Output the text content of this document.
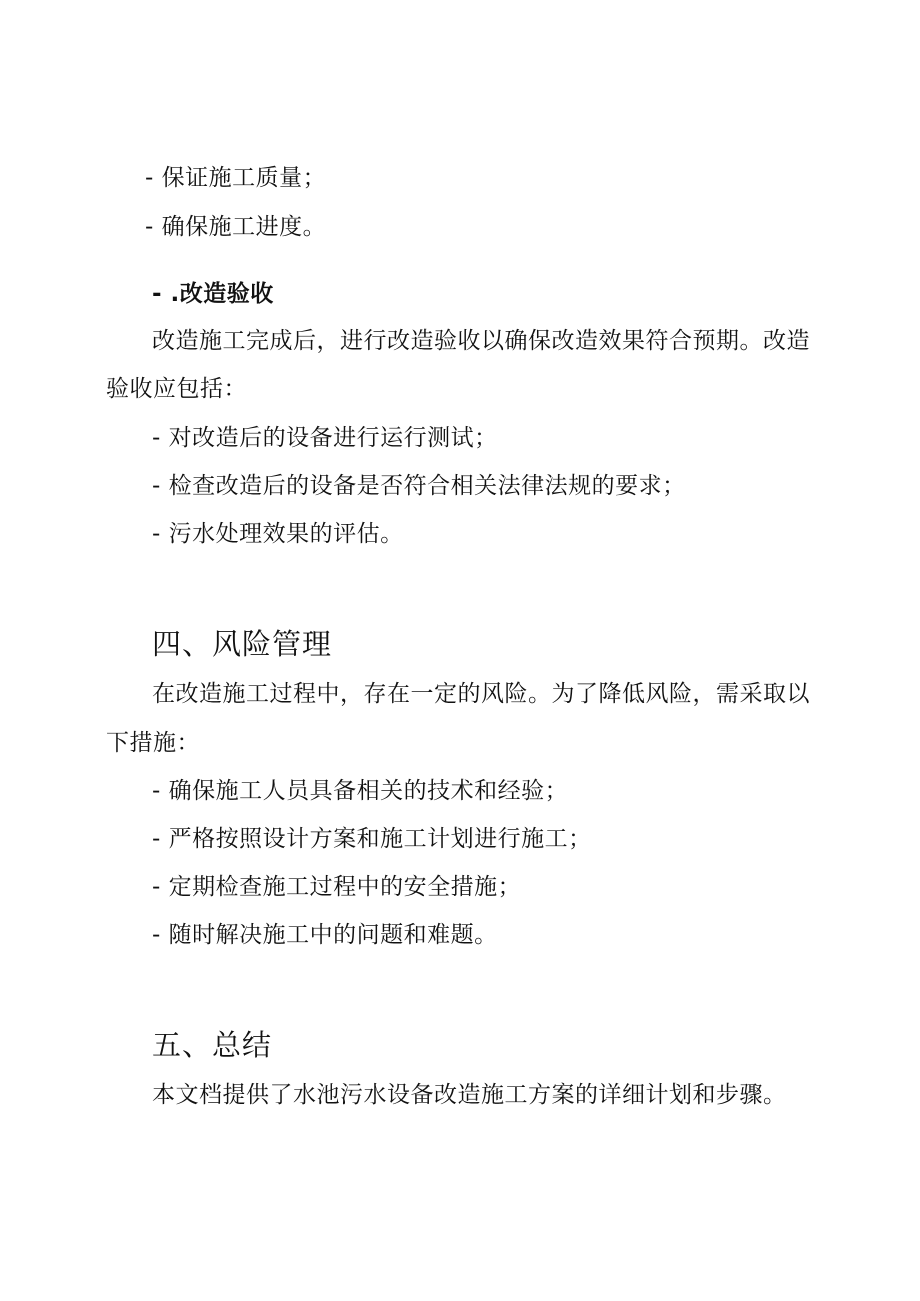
- 保证施工质量；
- 确保施工进度。
- .改造验收
改造施工完成后，进行改造验收以确保改造效果符合预期。改造
验收应包括：
- 对改造后的设备进行运行测试；
- 检查改造后的设备是否符合相关法律法规的要求；
- 污水处理效果的评估。
四、风险管理
在改造施工过程中，存在一定的风险。为了降低风险，需采取以
下措施：
- 确保施工人员具备相关的技术和经验；
- 严格按照设计方案和施工计划进行施工；
- 定期检查施工过程中的安全措施；
- 随时解决施工中的问题和难题。
五、总结
本文档提供了水池污水设备改造施工方案的详细计划和步骤。
